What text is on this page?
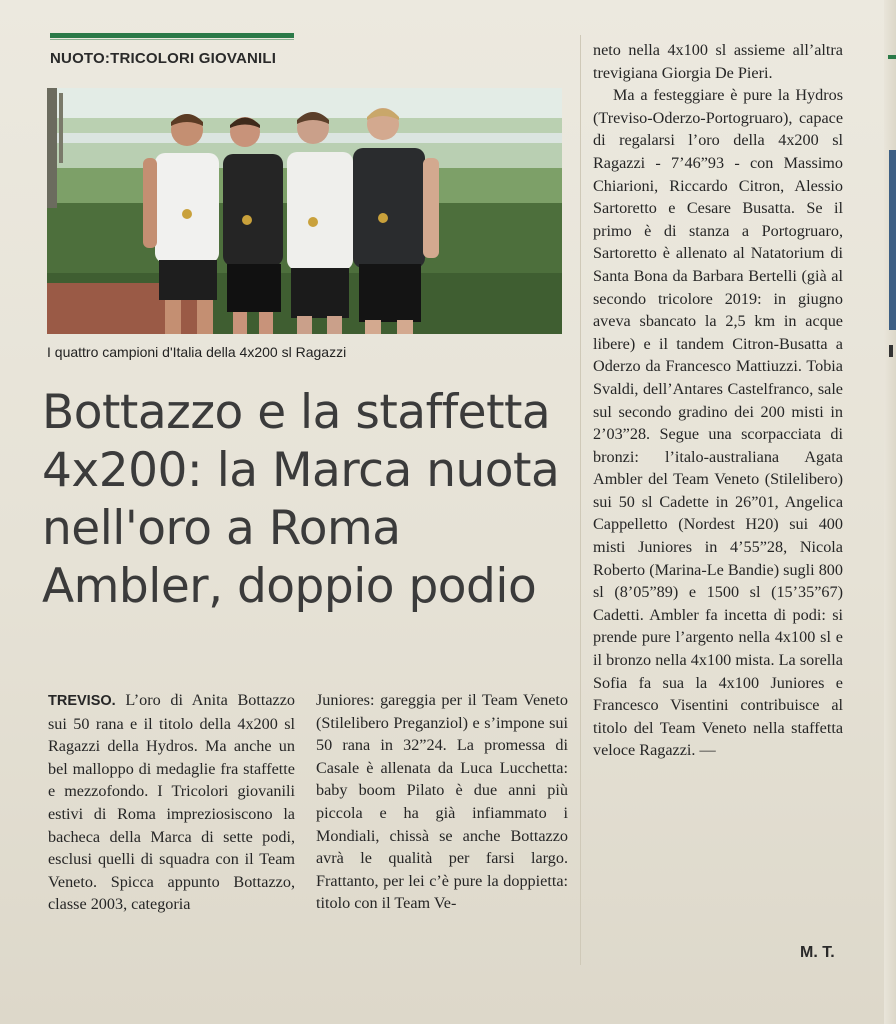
NUOTO:TRICOLORI GIOVANILI
I quattro campioni d'Italia della 4x200 sl Ragazzi
Bottazzo e la staffetta 4x200: la Marca nuota nell'oro a Roma Ambler, doppio podio
TREVISO. L’oro di Anita Bottazzo sui 50 rana e il titolo della 4x200 sl Ragazzi della Hydros. Ma anche un bel malloppo di medaglie fra staffette e mezzofondo. I Tricolori giovanili estivi di Roma impreziosiscono la bacheca della Marca di sette podi, esclusi quelli di squadra con il Team Veneto. Spicca appunto Bottazzo, classe 2003, categoria
Juniores: gareggia per il Team Veneto (Stilelibero Preganziol) e s’impone sui 50 rana in 32”24. La promessa di Casale è allenata da Luca Lucchetta: baby boom Pilato è due anni più piccola e ha già infiammato i Mondiali, chissà se anche Bottazzo avrà le qualità per farsi largo. Frattanto, per lei c’è pure la doppietta: titolo con il Team Ve-

neto nella 4x100 sl assieme all’altra trevigiana Giorgia De Pieri.

Ma a festeggiare è pure la Hydros (Treviso-Oderzo-Portogruaro), capace di regalarsi l’oro della 4x200 sl Ragazzi - 7’46”93 - con Massimo Chiarioni, Riccardo Citron, Alessio Sartoretto e Cesare Busatta. Se il primo è di stanza a Portogruaro, Sartoretto è allenato al Natatorium di Santa Bona da Barbara Bertelli (già al secondo tricolore 2019: in giugno aveva sbancato la 2,5 km in acque libere) e il tandem Citron-Busatta a Oderzo da Francesco Mattiuzzi. Tobia Svaldi, dell’Antares Castelfranco, sale sul secondo gradino dei 200 misti in 2’03”28. Segue una scorpacciata di bronzi: l’italo-australiana Agata Ambler del Team Veneto (Stilelibero) sui 50 sl Cadette in 26”01, Angelica Cappelletto (Nordest H20) sui 400 misti Juniores in 4’55”28, Nicola Roberto (Marina-Le Bandie) sugli 800 sl (8’05”89) e 1500 sl (15’35”67) Cadetti. Ambler fa incetta di podi: si prende pure l’argento nella 4x100 sl e il bronzo nella 4x100 mista. La sorella Sofia fa sua la 4x100 Juniores e Francesco Visentini contribuisce al titolo del Team Veneto nella staffetta veloce Ragazzi. —

M. T.
